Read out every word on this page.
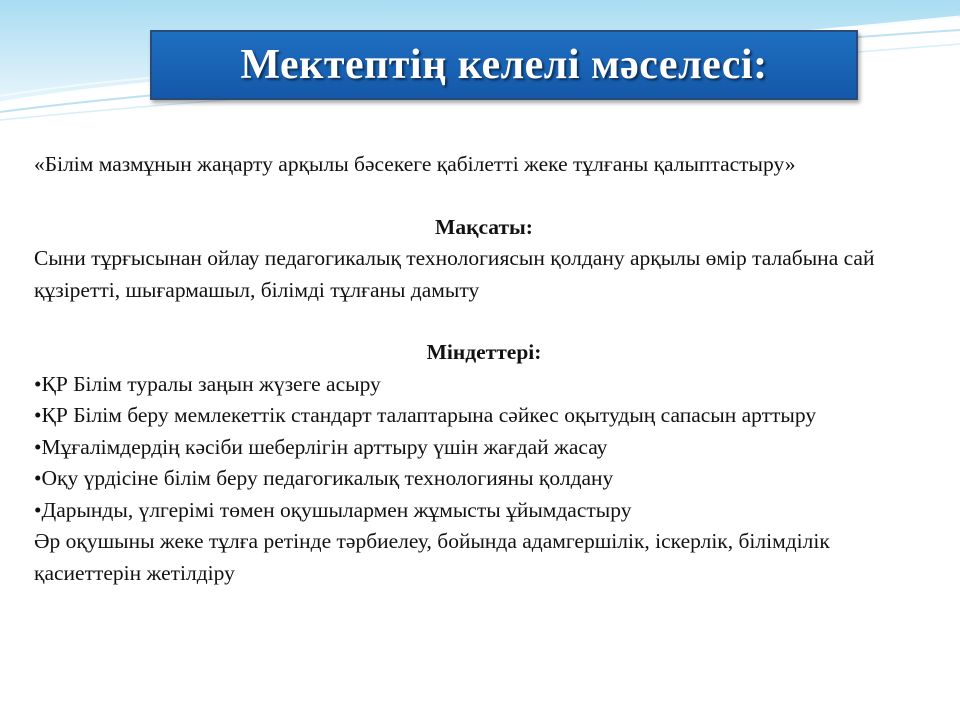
Мектептің келелі мәселесі:

«Білім мазмұнын жаңарту арқылы бәсекеге қабілетті жеке тұлғаны қалыптастыру»

Мақсаты:

Сыни тұрғысынан ойлау педагогикалық технологиясын қолдану арқылы өмір талабына сай құзіретті, шығармашыл, білімді тұлғаны дамыту

Міндеттері:

•ҚР Білім туралы заңын жүзеге асыру

•ҚР Білім беру мемлекеттік стандарт талаптарына сәйкес оқытудың сапасын арттыру

•Мұғалімдердің кәсіби шеберлігін арттыру үшін жағдай жасау

•Оқу үрдісіне білім беру педагогикалық технологияны қолдану

•Дарынды, үлгерімі төмен оқушылармен жұмысты ұйымдастыру

Әр оқушыны жеке тұлға ретінде тәрбиелеу, бойында адамгершілік, іскерлік, білімділік қасиеттерін жетілдіру
